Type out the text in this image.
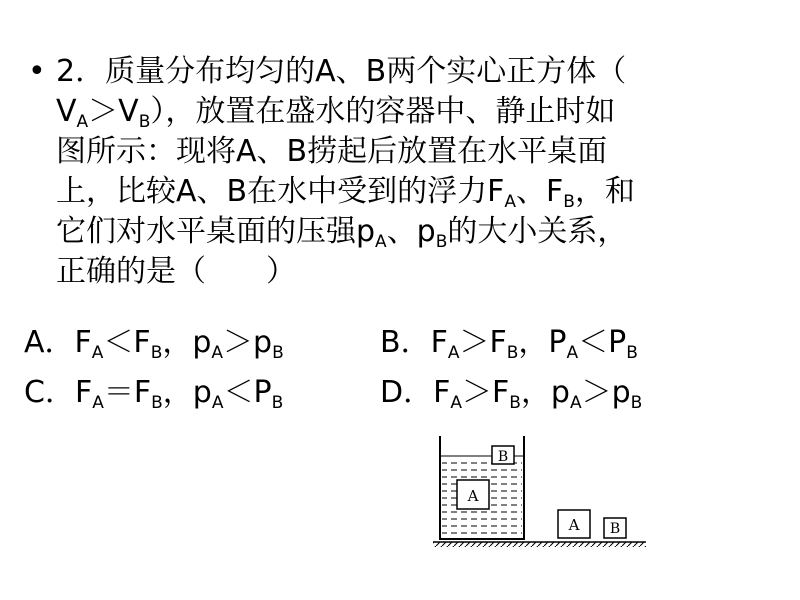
• 2．质量分布均匀的A、B两个实心正方体（
$V_A>V_B$），放置在盛水的容器中、静止时如
图所示：现将A、B捞起后放置在水平桌面
上，比较A、B在水中受到的浮力$F_A$、$F_B$，和
它们对水平桌面的压强$p_A$、$p_B$的大小关系，
正确的是（　　）
A．$F_A<F_B$，$p_A>p_B$	B．$F_A>F_B$，$P_A<P_B$
C．$F_A=F_B$，$p_A<P_B$	D．$F_A>F_B$，$p_A>p_B$
B
A
A B
